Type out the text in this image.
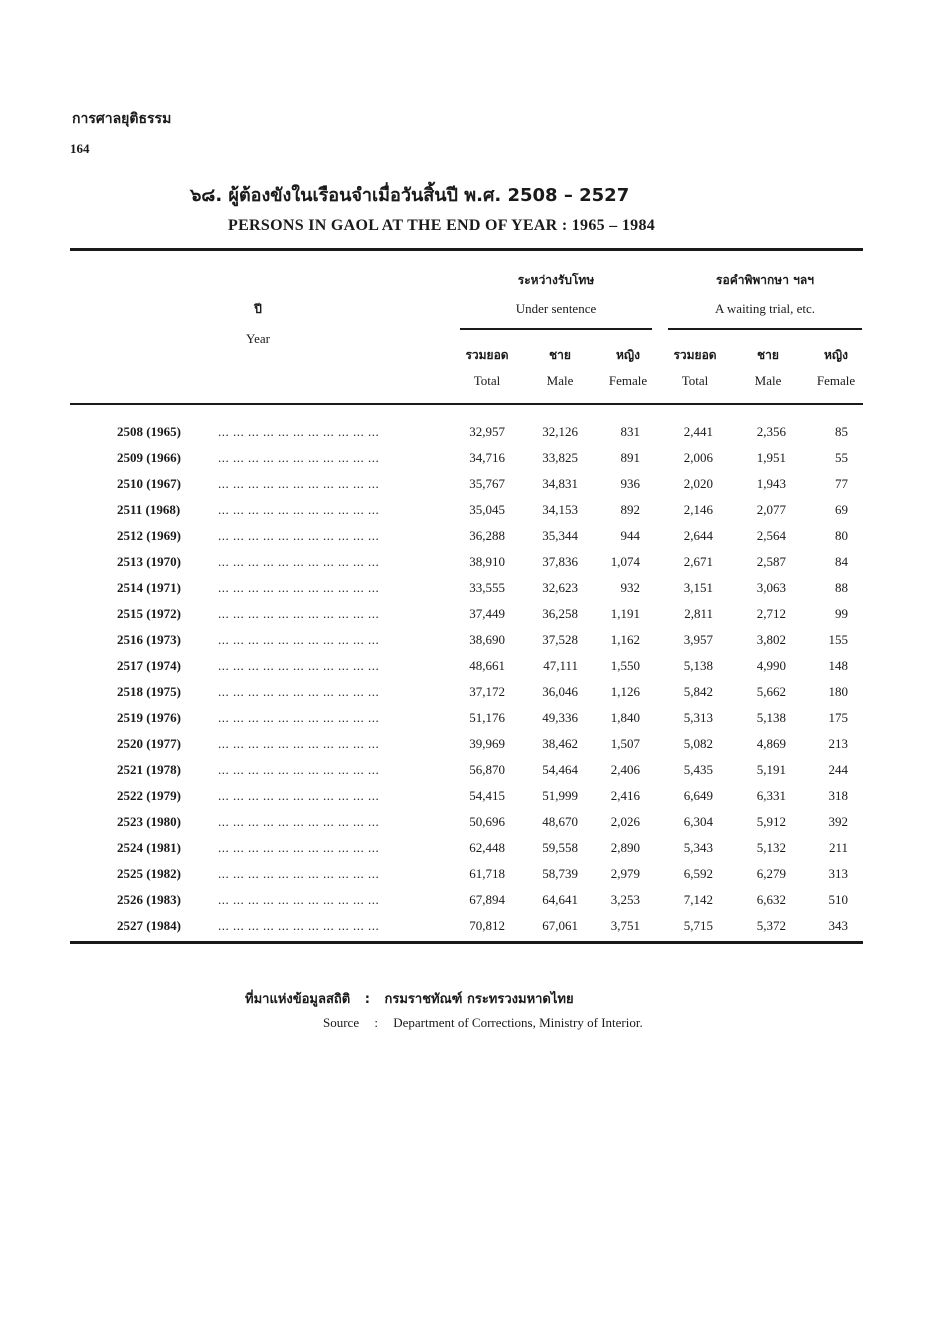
การศาลยุติธรรม
164
๖๘. ผู้ต้องขังในเรือนจำเมื่อวันสิ้นปี พ.ศ. 2508 – 2527
PERSONS IN GAOL AT THE END OF YEAR : 1965 – 1984
ปี
Year
ระหว่างรับโทษ
Under sentence
รอคำพิพากษา ฯลฯ
A waiting trial, etc.
รวมยอด
Total
ชาย
Male
หญิง
Female
รวมยอด
Total
ชาย
Male
หญิง
Female
2508 (1965)	... ... ... ... ... ... ... ... ... ... ...	32,957	32,126	831	2,441	2,356	85
2509 (1966)	... ... ... ... ... ... ... ... ... ... ...	34,716	33,825	891	2,006	1,951	55
2510 (1967)	... ... ... ... ... ... ... ... ... ... ...	35,767	34,831	936	2,020	1,943	77
2511 (1968)	... ... ... ... ... ... ... ... ... ... ...	35,045	34,153	892	2,146	2,077	69
2512 (1969)	... ... ... ... ... ... ... ... ... ... ...	36,288	35,344	944	2,644	2,564	80
2513 (1970)	... ... ... ... ... ... ... ... ... ... ...	38,910	37,836	1,074	2,671	2,587	84
2514 (1971)	... ... ... ... ... ... ... ... ... ... ...	33,555	32,623	932	3,151	3,063	88
2515 (1972)	... ... ... ... ... ... ... ... ... ... ...	37,449	36,258	1,191	2,811	2,712	99
2516 (1973)	... ... ... ... ... ... ... ... ... ... ...	38,690	37,528	1,162	3,957	3,802	155
2517 (1974)	... ... ... ... ... ... ... ... ... ... ...	48,661	47,111	1,550	5,138	4,990	148
2518 (1975)	... ... ... ... ... ... ... ... ... ... ...	37,172	36,046	1,126	5,842	5,662	180
2519 (1976)	... ... ... ... ... ... ... ... ... ... ...	51,176	49,336	1,840	5,313	5,138	175
2520 (1977)	... ... ... ... ... ... ... ... ... ... ...	39,969	38,462	1,507	5,082	4,869	213
2521 (1978)	... ... ... ... ... ... ... ... ... ... ...	56,870	54,464	2,406	5,435	5,191	244
2522 (1979)	... ... ... ... ... ... ... ... ... ... ...	54,415	51,999	2,416	6,649	6,331	318
2523 (1980)	... ... ... ... ... ... ... ... ... ... ...	50,696	48,670	2,026	6,304	5,912	392
2524 (1981)	... ... ... ... ... ... ... ... ... ... ...	62,448	59,558	2,890	5,343	5,132	211
2525 (1982)	... ... ... ... ... ... ... ... ... ... ...	61,718	58,739	2,979	6,592	6,279	313
2526 (1983)	... ... ... ... ... ... ... ... ... ... ...	67,894	64,641	3,253	7,142	6,632	510
2527 (1984)	... ... ... ... ... ... ... ... ... ... ...	70,812	67,061	3,751	5,715	5,372	343
ที่มาแห่งข้อมูลสถิติ : กรมราชทัณฑ์ กระทรวงมหาดไทย
Source : Department of Corrections, Ministry of Interior.
